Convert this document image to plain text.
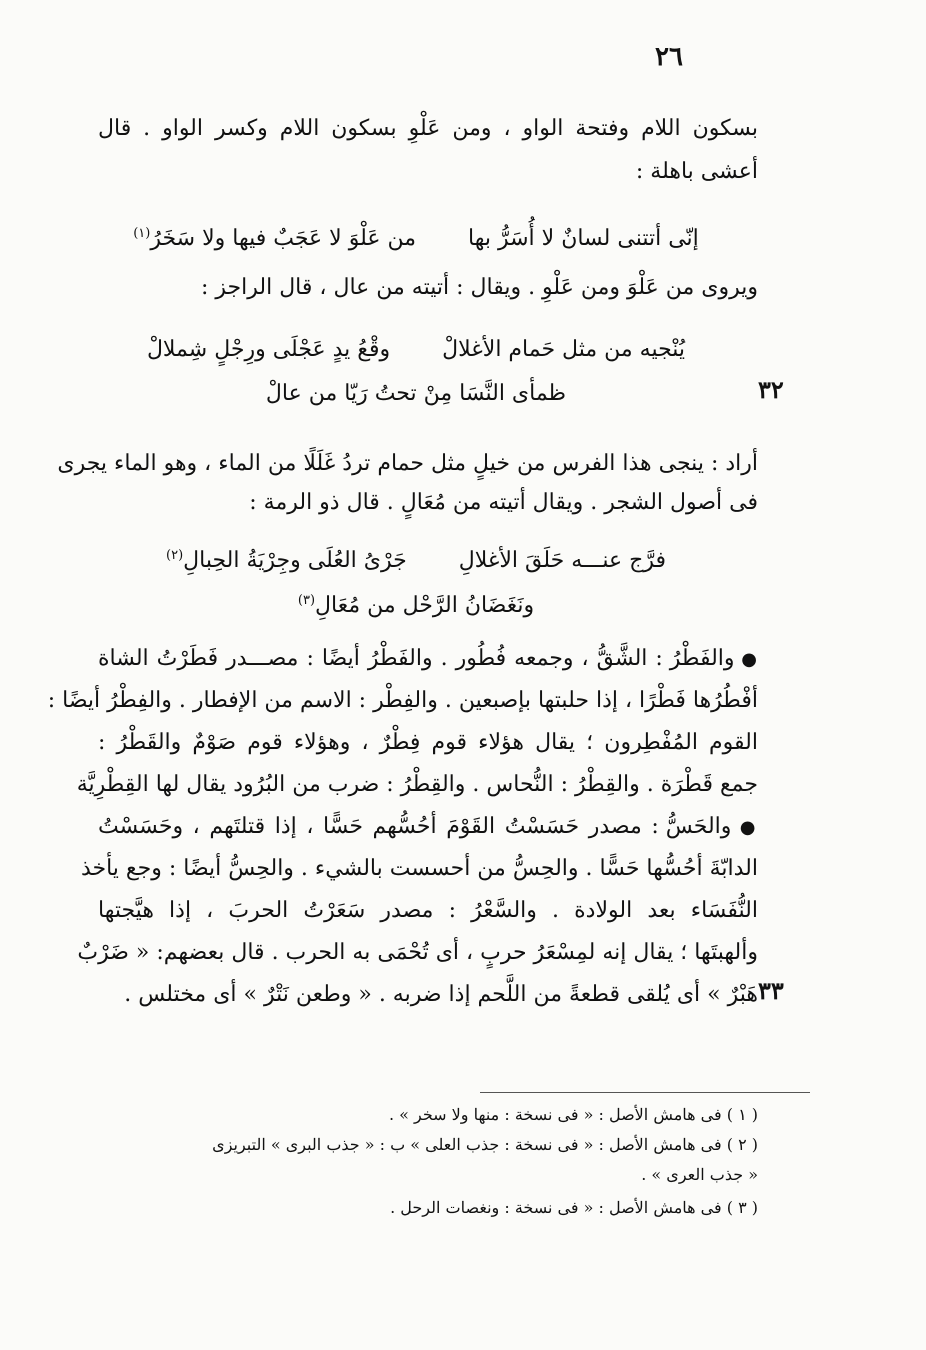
٢٦
بسكون اللام وفتحة الواو ، ومن عَلْوِ بسكون اللام وكسر الواو . قال
أعشى باهلة :
إنّى أتتنى لسانٌ لا أُسَرُّ بها  من عَلْوَ لا عَجَبٌ فيها ولا سَخَرُ$^{(١)}$
ويروى من عَلْوَ ومن عَلْوِ . ويقال : أتيته من عال ، قال الراجز :
يُنْجيه من مثل حَمام الأغلالْ  وقْعُ يدٍ عَجْلَى ورِجْلٍ شِملالْ
٣٢
ظمأى النَّسَا مِنْ تحتُ رَيّا من عالْ
أراد : ينجى هذا الفرس من خيلٍ مثل حمام تردُ غَلَلًا من الماء ، وهو الماء يجرى
فى أصول الشجر . ويقال أتيته من مُعَالٍ . قال ذو الرمة :
فرَّج عنـــه حَلَقَ الأغلالِ  جَرْىُ العُلَى وجِرْيَةُ الحِبالِ$^{(٢)}$
ونَغَضَانُ الرَّحْل من مُعَالِ$^{(٣)}$
● والفَطْرُ : الشَّقُّ ، وجمعه فُطُور . والفَطْرُ أيضًا : مصـــدر فَطَرْتُ الشاة
أفْطُرُها فَطْرًا ، إذا حلبتها بإصبعين . والفِطْر : الاسم من الإفطار . والفِطْرُ أيضًا :
القوم المُفْطِرون ؛ يقال هؤلاء قوم فِطْرٌ ، وهؤلاء قوم صَوْمٌ والقَطْرُ :
جمع قَطْرَة . والقِطْرُ : النُّحاس . والقِطْرُ : ضرب من البُرُود يقال لها القِطْرِيَّة
● والحَسُّ : مصدر حَسَسْتُ القَوْمَ أحُسُّهم حَسًّا ، إذا قتلتَهم ، وحَسَسْتُ
الدابّةَ أحُسُّها حَسًّا . والحِسُّ من أحسست بالشيء . والحِسُّ أيضًا : وجع يأخذ
النُّفَسَاء بعد الولادة . والسَّعْرُ : مصدر سَعَرْتُ الحربَ ، إذا هيَّجتها
وألهبتَها ؛ يقال إنه لمِسْعَرُ حربٍ ، أى تُحْمَى به الحرب . قال بعضهم: « ضَرْبٌ
٣٣
هَبْرٌ » أى يُلقى قطعةً من اللَّحم إذا ضربه . « وطعن نَتْرٌ » أى مختلس .
( ١ ) فى هامش الأصل : « فى نسخة : منها ولا سخر » .
( ٢ ) فى هامش الأصل : « فى نسخة : جذب العلى » ب : « جذب البرى » التبريزى
« جذب العرى » .
( ٣ ) فى هامش الأصل : « فى نسخة : ونغصات الرحل .
